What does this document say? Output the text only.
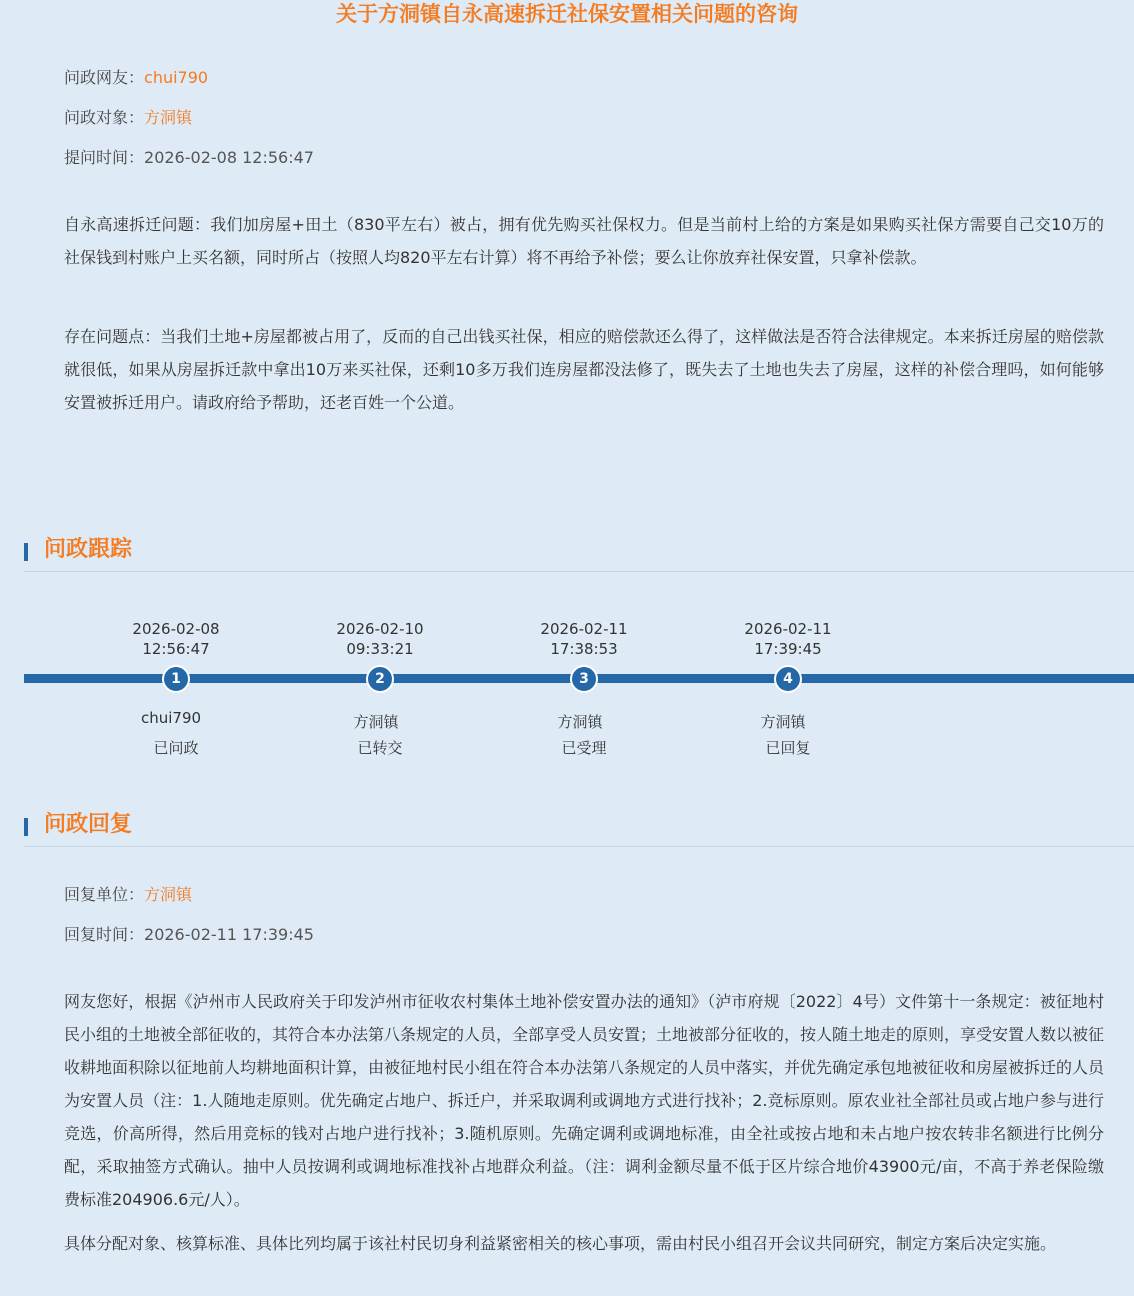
关于方洞镇自永高速拆迁社保安置相关问题的咨询
问政网友：chui790
问政对象：方洞镇
提问时间：2026-02-08 12:56:47
自永高速拆迁问题：我们加房屋+田土（830平左右）被占，拥有优先购买社保权力。但是当前村上给的方案是如果购买社保方需要自己交10万的社保钱到村账户上买名额，同时所占（按照人均820平左右计算）将不再给予补偿；要么让你放弃社保安置，只拿补偿款。
存在问题点：当我们土地+房屋都被占用了，反而的自己出钱买社保，相应的赔偿款还么得了，这样做法是否符合法律规定。本来拆迁房屋的赔偿款就很低，如果从房屋拆迁款中拿出10万来买社保，还剩10多万我们连房屋都没法修了，既失去了土地也失去了房屋，这样的补偿合理吗，如何能够安置被拆迁用户。请政府给予帮助，还老百姓一个公道。
问政跟踪
2026-02-08
12:56:47
1
chui790
已问政
2026-02-10
09:33:21
2
方洞镇
已转交
2026-02-11
17:38:53
3
方洞镇
已受理
2026-02-11
17:39:45
4
方洞镇
已回复
问政回复
回复单位：方洞镇
回复时间：2026-02-11 17:39:45
网友您好，根据《泸州市人民政府关于印发泸州市征收农村集体土地补偿安置办法的通知》（泸市府规〔2022〕4号）文件第十一条规定：被征地村民小组的土地被全部征收的，其符合本办法第八条规定的人员，全部享受人员安置；土地被部分征收的，按人随土地走的原则，享受安置人数以被征收耕地面积除以征地前人均耕地面积计算，由被征地村民小组在符合本办法第八条规定的人员中落实，并优先确定承包地被征收和房屋被拆迁的人员为安置人员（注：1.人随地走原则。优先确定占地户、拆迁户，并采取调利或调地方式进行找补；2.竞标原则。原农业社全部社员或占地户参与进行竞选，价高所得，然后用竞标的钱对占地户进行找补；3.随机原则。先确定调利或调地标准，由全社或按占地和未占地户按农转非名额进行比例分配，采取抽签方式确认。抽中人员按调利或调地标准找补占地群众利益。（注：调利金额尽量不低于区片综合地价43900元/亩，不高于养老保险缴费标准204906.6元/人）。
具体分配对象、核算标准、具体比列均属于该社村民切身利益紧密相关的核心事项，需由村民小组召开会议共同研究，制定方案后决定实施。
